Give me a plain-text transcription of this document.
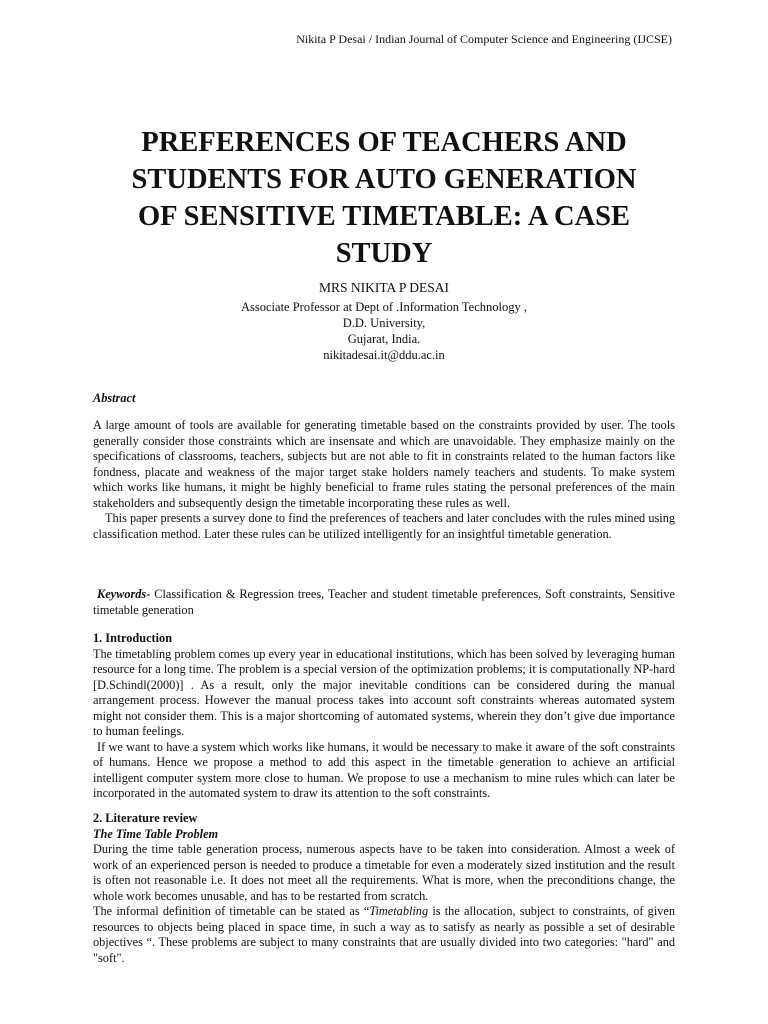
Nikita P Desai / Indian Journal of Computer Science and Engineering (IJCSE)
PREFERENCES OF TEACHERS AND
STUDENTS FOR AUTO GENERATION
OF SENSITIVE TIMETABLE: A CASE
STUDY
MRS NIKITA P DESAI
Associate Professor at Dept of .Information Technology ,
D.D. University,
Gujarat, India.
nikitadesai.it@ddu.ac.in
Abstract

A large amount of tools are available for generating timetable based on the constraints provided by user. The tools generally consider those constraints which are insensate and which are unavoidable. They emphasize mainly on the specifications of classrooms, teachers, subjects but are not able to fit in constraints related to the human factors like fondness, placate and weakness of the major target stake holders namely teachers and students. To make system which works like humans, it might be highly beneficial to frame rules stating the personal preferences of the main stakeholders and subsequently design the timetable incorporating these rules as well.

This paper presents a survey done to find the preferences of teachers and later concludes with the rules mined using classification method. Later these rules can be utilized intelligently for an insightful timetable generation.

Keywords- Classification & Regression trees, Teacher and student timetable preferences, Soft constraints, Sensitive timetable generation

1. Introduction

The timetabling problem comes up every year in educational institutions, which has been solved by leveraging human resource for a long time. The problem is a special version of the optimization problems; it is computationally NP-hard [D.Schindl(2000)] . As a result, only the major inevitable conditions can be considered during the manual arrangement process. However the manual process takes into account soft constraints whereas automated system might not consider them. This is a major shortcoming of automated systems, wherein they don’t give due importance to human feelings.

If we want to have a system which works like humans, it would be necessary to make it aware of the soft constraints of humans. Hence we propose a method to add this aspect in the timetable generation to achieve an artificial intelligent computer system more close to human. We propose to use a mechanism to mine rules which can later be incorporated in the automated system to draw its attention to the soft constraints.

2. Literature review
The Time Table Problem

During the time table generation process, numerous aspects have to be taken into consideration. Almost a week of work of an experienced person is needed to produce a timetable for even a moderately sized institution and the result is often not reasonable i.e. It does not meet all the requirements. What is more, when the preconditions change, the whole work becomes unusable, and has to be restarted from scratch.

The informal definition of timetable can be stated as “Timetabling is the allocation, subject to constraints, of given resources to objects being placed in space time, in such a way as to satisfy as nearly as possible a set of desirable objectives “. These problems are subject to many constraints that are usually divided into two categories: "hard" and "soft".
